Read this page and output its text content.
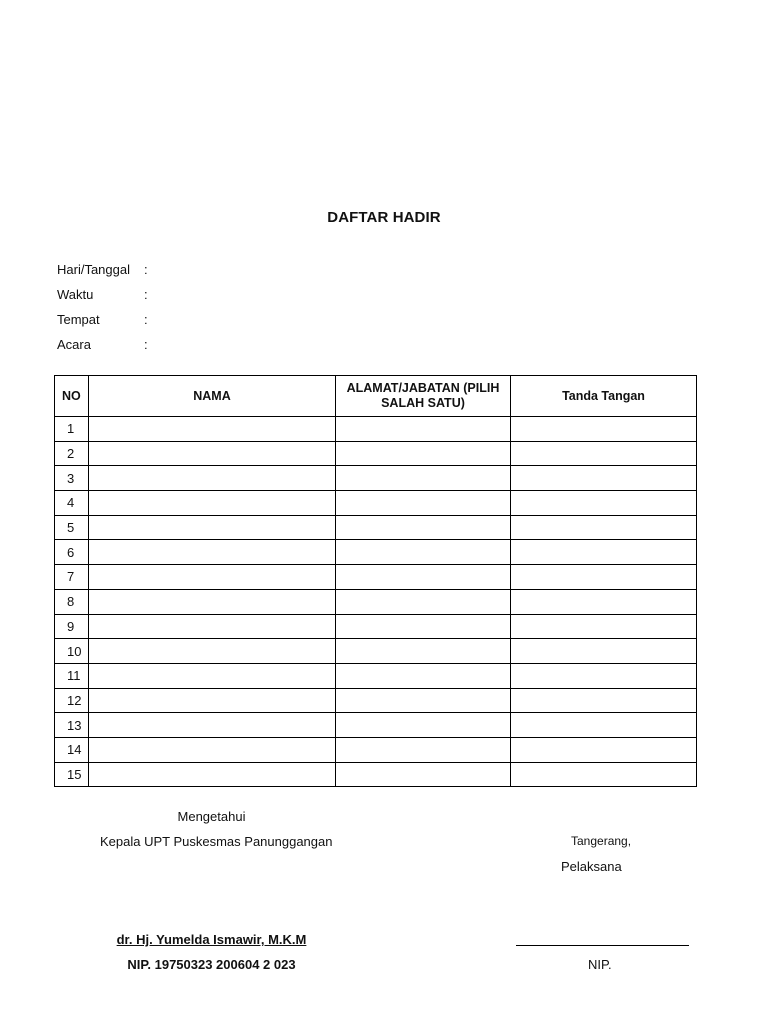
DAFTAR HADIR
Hari/Tanggal :
Waktu	:
Tempat	:
Acara	:
NO	NAMA	ALAMAT/JABATAN (PILIH SALAH SATU)	Tanda Tangan
1			
2			
3			
4			
5			
6			
7			
8			
9			
10			
11			
12			
13			
14			
15			
Mengetahui
Kepala UPT Puskesmas Panunggangan
dr. Hj. Yumelda Ismawir, M.K.M
NIP. 19750323 200604 2 023
Tangerang,
Pelaksana
NIP.
